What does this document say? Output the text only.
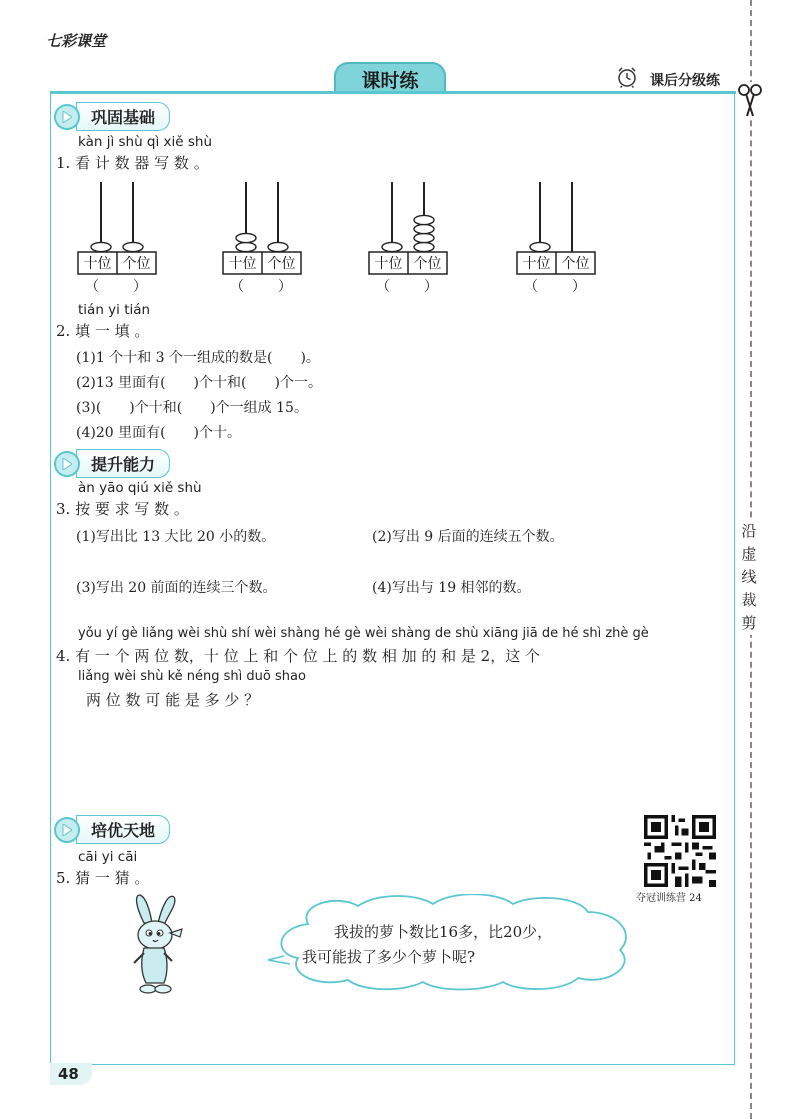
七彩课堂
课时练	课后分级练
沿
虚
线
裁
剪
巩固基础
kàn jì shù qì xiě shù
1. 看 计 数 器 写 数 。
十位 个位	十位 个位	十位 个位	十位 个位
（　　）	（　　）	（　　）	（　　）
tián yi tián
2. 填 一 填 。
(1)1 个十和 3 个一组成的数是(　　)。
(2)13 里面有(　　)个十和(　　)个一。
(3)(　　)个十和(　　)个一组成 15。
(4)20 里面有(　　)个十。
提升能力
àn yāo qiú xiě shù
3. 按 要 求 写 数 。
(1)写出比 13 大比 20 小的数。	(2)写出 9 后面的连续五个数。
(3)写出 20 前面的连续三个数。	(4)写出与 19 相邻的数。
yǒu yí gè liǎng wèi shù shí wèi shàng hé gè wèi shàng de shù xiāng jiā de hé shì zhè gè
4. 有 一 个 两 位 数，十 位 上 和 个 位 上 的 数 相 加 的 和 是 2，这 个
liǎng wèi shù kě néng shì duō shao
两 位 数 可 能 是 多 少 ？
培优天地
夺冠训练营 24
cāi yi cāi
5. 猜 一 猜 。
我拔的萝卜数比16多，比20少，
我可能拔了多少个萝卜呢?
48
